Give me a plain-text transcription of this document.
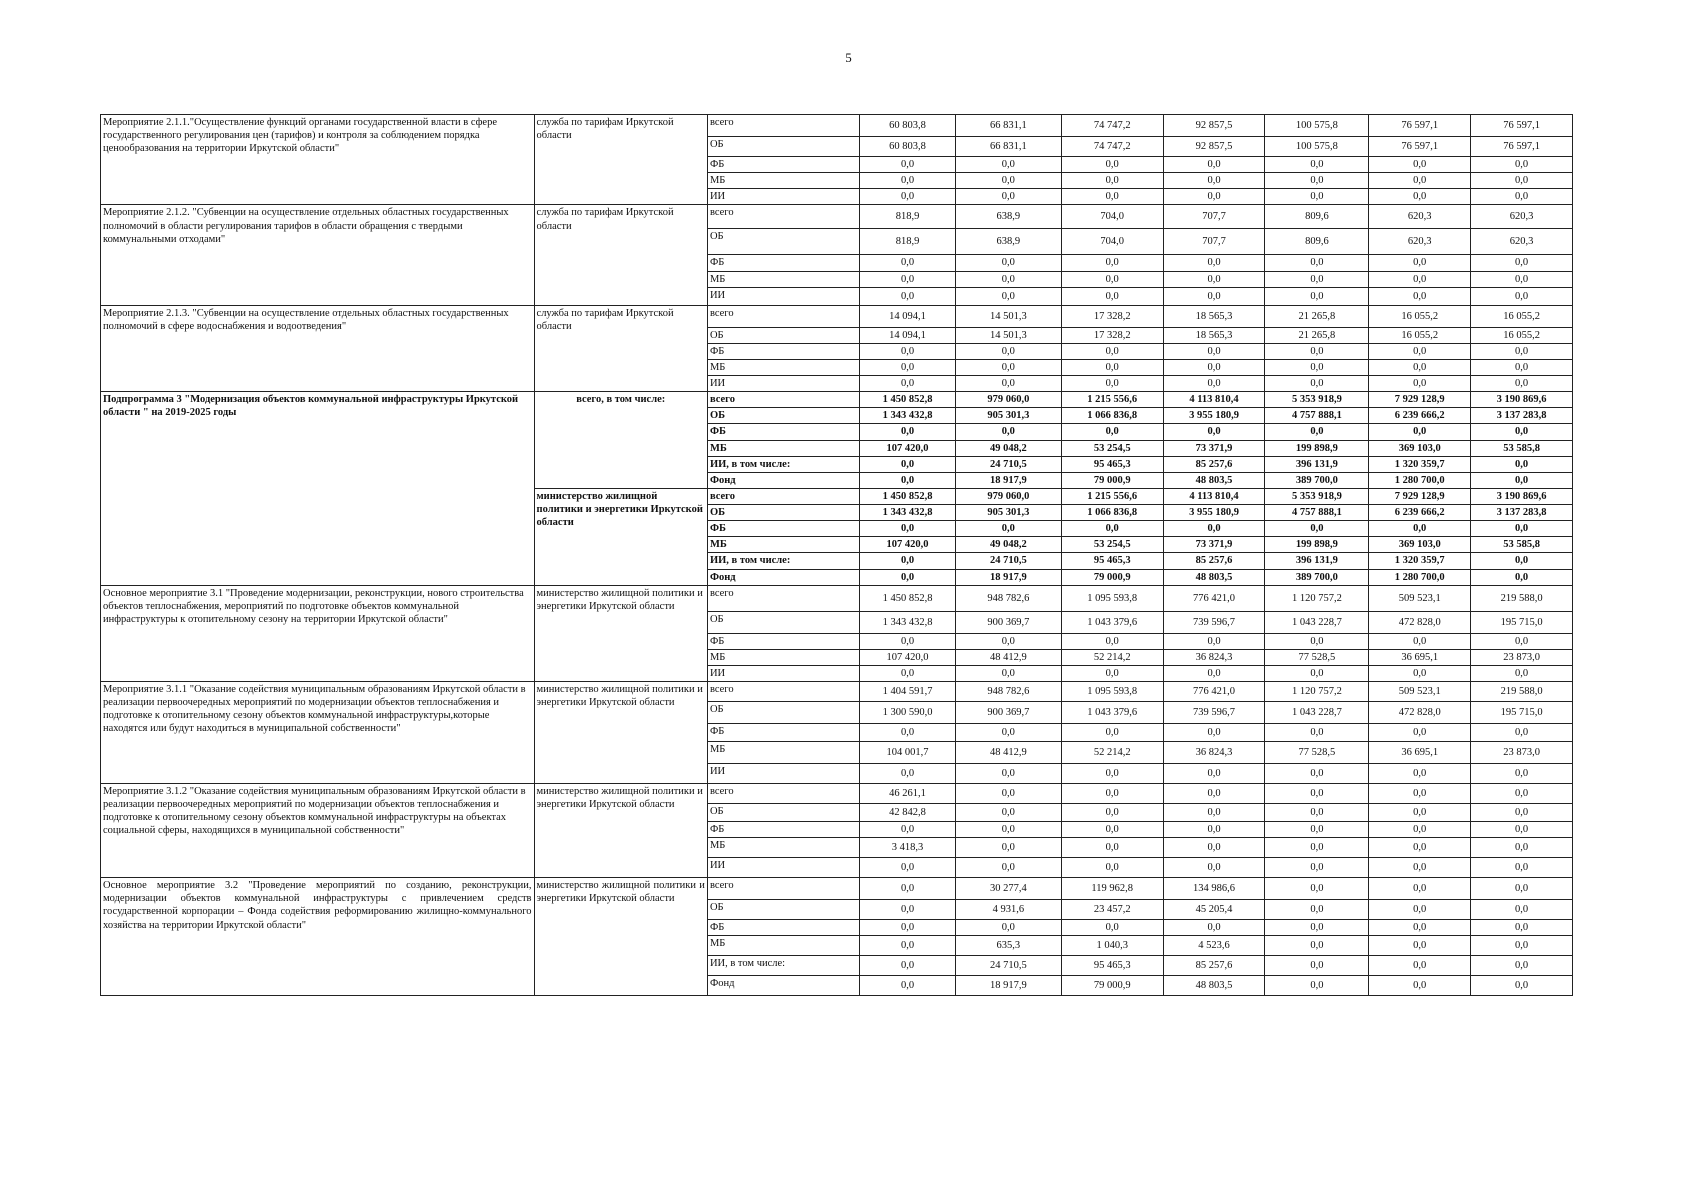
5
Мероприятие 2.1.1."Осуществление функций органами государственной власти в сфере государственного регулирования цен (тарифов) и контроля за соблюдением порядка ценообразования на территории Иркутской области"	служба по тарифам Иркутской области	всего	60 803,8	66 831,1	74 747,2	92 857,5	100 575,8	76 597,1	76 597,1
		ОБ	60 803,8	66 831,1	74 747,2	92 857,5	100 575,8	76 597,1	76 597,1
		ФБ	0,0	0,0	0,0	0,0	0,0	0,0	0,0
		МБ	0,0	0,0	0,0	0,0	0,0	0,0	0,0
		ИИ	0,0	0,0	0,0	0,0	0,0	0,0	0,0
Мероприятие 2.1.2. "Субвенции на осуществление отдельных областных государственных полномочий в области регулирования тарифов в области обращения с твердыми коммунальными отходами"	служба по тарифам Иркутской области	всего	818,9	638,9	704,0	707,7	809,6	620,3	620,3
		ОБ	818,9	638,9	704,0	707,7	809,6	620,3	620,3
		ФБ	0,0	0,0	0,0	0,0	0,0	0,0	0,0
		МБ	0,0	0,0	0,0	0,0	0,0	0,0	0,0
		ИИ	0,0	0,0	0,0	0,0	0,0	0,0	0,0
Мероприятие 2.1.3. "Субвенции на осуществление отдельных областных государственных полномочий в сфере водоснабжения и водоотведения"	служба по тарифам Иркутской области	всего	14 094,1	14 501,3	17 328,2	18 565,3	21 265,8	16 055,2	16 055,2
		ОБ	14 094,1	14 501,3	17 328,2	18 565,3	21 265,8	16 055,2	16 055,2
		ФБ	0,0	0,0	0,0	0,0	0,0	0,0	0,0
		МБ	0,0	0,0	0,0	0,0	0,0	0,0	0,0
		ИИ	0,0	0,0	0,0	0,0	0,0	0,0	0,0
Подпрограмма 3 "Модернизация объектов коммунальной инфраструктуры Иркутской области " на 2019-2025 годы	всего, в том числе:	всего	1 450 852,8	979 060,0	1 215 556,6	4 113 810,4	5 353 918,9	7 929 128,9	3 190 869,6
		ОБ	1 343 432,8	905 301,3	1 066 836,8	3 955 180,9	4 757 888,1	6 239 666,2	3 137 283,8
		ФБ	0,0	0,0	0,0	0,0	0,0	0,0	0,0
		МБ	107 420,0	49 048,2	53 254,5	73 371,9	199 898,9	369 103,0	53 585,8
		ИИ, в том числе:	0,0	24 710,5	95 465,3	85 257,6	396 131,9	1 320 359,7	0,0
		Фонд	0,0	18 917,9	79 000,9	48 803,5	389 700,0	1 280 700,0	0,0
	министерство жилищной политики и энергетики Иркутской области	всего	1 450 852,8	979 060,0	1 215 556,6	4 113 810,4	5 353 918,9	7 929 128,9	3 190 869,6
		ОБ	1 343 432,8	905 301,3	1 066 836,8	3 955 180,9	4 757 888,1	6 239 666,2	3 137 283,8
		ФБ	0,0	0,0	0,0	0,0	0,0	0,0	0,0
		МБ	107 420,0	49 048,2	53 254,5	73 371,9	199 898,9	369 103,0	53 585,8
		ИИ, в том числе:	0,0	24 710,5	95 465,3	85 257,6	396 131,9	1 320 359,7	0,0
		Фонд	0,0	18 917,9	79 000,9	48 803,5	389 700,0	1 280 700,0	0,0
Основное мероприятие 3.1 "Проведение модернизации, реконструкции, нового строительства объектов теплоснабжения, мероприятий по подготовке объектов коммунальной инфраструктуры к отопительному сезону на территории Иркутской области"	министерство жилищной политики и энергетики Иркутской области	всего	1 450 852,8	948 782,6	1 095 593,8	776 421,0	1 120 757,2	509 523,1	219 588,0
		ОБ	1 343 432,8	900 369,7	1 043 379,6	739 596,7	1 043 228,7	472 828,0	195 715,0
		ФБ	0,0	0,0	0,0	0,0	0,0	0,0	0,0
		МБ	107 420,0	48 412,9	52 214,2	36 824,3	77 528,5	36 695,1	23 873,0
		ИИ	0,0	0,0	0,0	0,0	0,0	0,0	0,0
Мероприятие 3.1.1 "Оказание содействия муниципальным образованиям Иркутской области в реализации первоочередных мероприятий по модернизации объектов теплоснабжения и подготовке к отопительному сезону объектов коммунальной инфраструктуры,которые находятся или будут находиться в муниципальной собственности"	министерство жилищной политики и энергетики Иркутской области	всего	1 404 591,7	948 782,6	1 095 593,8	776 421,0	1 120 757,2	509 523,1	219 588,0
		ОБ	1 300 590,0	900 369,7	1 043 379,6	739 596,7	1 043 228,7	472 828,0	195 715,0
		ФБ	0,0	0,0	0,0	0,0	0,0	0,0	0,0
		МБ	104 001,7	48 412,9	52 214,2	36 824,3	77 528,5	36 695,1	23 873,0
		ИИ	0,0	0,0	0,0	0,0	0,0	0,0	0,0
Мероприятие 3.1.2 "Оказание содействия муниципальным образованиям Иркутской области в реализации первоочередных мероприятий по модернизации объектов теплоснабжения и подготовке к отопительному сезону объектов коммунальной инфраструктуры на объектах социальной сферы, находящихся в муниципальной собственности"	министерство жилищной политики и энергетики Иркутской области	всего	46 261,1	0,0	0,0	0,0	0,0	0,0	0,0
		ОБ	42 842,8	0,0	0,0	0,0	0,0	0,0	0,0
		ФБ	0,0	0,0	0,0	0,0	0,0	0,0	0,0
		МБ	3 418,3	0,0	0,0	0,0	0,0	0,0	0,0
		ИИ	0,0	0,0	0,0	0,0	0,0	0,0	0,0
Основное мероприятие 3.2 "Проведение мероприятий по созданию, реконструкции, модернизации объектов коммунальной инфраструктуры с привлечением средств государственной корпорации – Фонда содействия реформированию жилищно-коммунального хозяйства на территории Иркутской области"	министерство жилищной политики и энергетики Иркутской области	всего	0,0	30 277,4	119 962,8	134 986,6	0,0	0,0	0,0
		ОБ	0,0	4 931,6	23 457,2	45 205,4	0,0	0,0	0,0
		ФБ	0,0	0,0	0,0	0,0	0,0	0,0	0,0
		МБ	0,0	635,3	1 040,3	4 523,6	0,0	0,0	0,0
		ИИ, в том числе:	0,0	24 710,5	95 465,3	85 257,6	0,0	0,0	0,0
		Фонд	0,0	18 917,9	79 000,9	48 803,5	0,0	0,0	0,0
